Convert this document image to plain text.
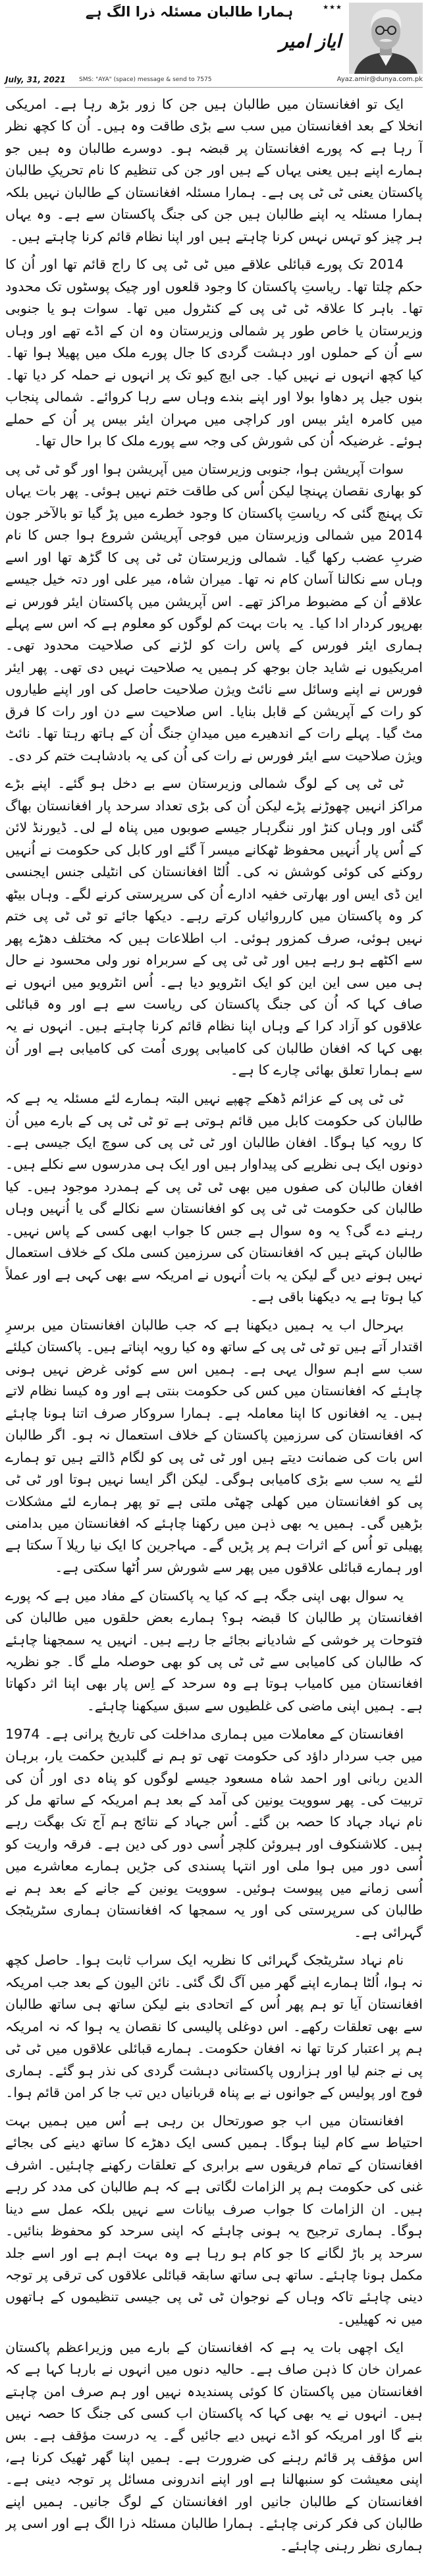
ہمارا طالبان مسئلہ ذرا الگ ہے	★★★
ایاز امیر
July, 31, 2021 SMS: "AYA" (space) message & send to 7575	Ayaz.amir@dunya.com.pk

ایک تو افغانستان میں طالبان ہیں جن کا زور بڑھ رہا ہے۔ امریکی انخلا کے بعد افغانستان میں سب سے بڑی طاقت وہ ہیں۔ اُن کا کچھ نظر آ رہا ہے کہ پورے افغانستان پر قبضہ ہو۔ دوسرے طالبان وہ ہیں جو ہمارے اپنے ہیں یعنی یہاں کے ہیں اور جن کی تنظیم کا نام تحریکِ طالبان پاکستان یعنی ٹی ٹی پی ہے۔ ہمارا مسئلہ افغانستان کے طالبان نہیں بلکہ ہمارا مسئلہ یہ اپنے طالبان ہیں جن کی جنگ پاکستان سے ہے۔ وہ یہاں ہر چیز کو تہس نہس کرنا چاہتے ہیں اور اپنا نظام قائم کرنا چاہتے ہیں۔

2014 تک پورے قبائلی علاقے میں ٹی ٹی پی کا راج قائم تھا اور اُن کا حکم چلتا تھا۔ ریاستِ پاکستان کا وجود قلعوں اور چیک پوسٹوں تک محدود تھا۔ باہر کا علاقہ ٹی ٹی پی کے کنٹرول میں تھا۔ سوات ہو یا جنوبی وزیرستان یا خاص طور پر شمالی وزیرستان وہ ان کے اڈے تھے اور وہاں سے اُن کے حملوں اور دہشت گردی کا جال پورے ملک میں پھیلا ہوا تھا۔ کیا کچھ انہوں نے نہیں کیا۔ جی ایچ کیو تک پر انہوں نے حملہ کر دیا تھا۔ بنوں جیل پر دھاوا بولا اور اپنے بندے وہاں سے رہا کروائے۔ شمالی پنجاب میں کامرہ ایئر بیس اور کراچی میں مہران ایئر بیس پر اُن کے حملے ہوئے۔ غرضیکہ اُن کی شورش کی وجہ سے پورے ملک کا برا حال تھا۔

سوات آپریشن ہوا، جنوبی وزیرستان میں آپریشن ہوا اور گو ٹی ٹی پی کو بھاری نقصان پہنچا لیکن اُس کی طاقت ختم نہیں ہوئی۔ پھر بات یہاں تک پہنچ گئی کہ ریاستِ پاکستان کا وجود خطرے میں پڑ گیا تو بالآخر جون 2014 میں شمالی وزیرستان میں فوجی آپریشن شروع ہوا جس کا نام ضربِ عضب رکھا گیا۔ شمالی وزیرستان ٹی ٹی پی کا گڑھ تھا اور اسے وہاں سے نکالنا آسان کام نہ تھا۔ میران شاہ، میر علی اور دتہ خیل جیسے علاقے اُن کے مضبوط مراکز تھے۔ اس آپریشن میں پاکستان ایئر فورس نے بھرپور کردار ادا کیا۔ یہ بات بہت کم لوگوں کو معلوم ہے کہ اس سے پہلے ہماری ایئر فورس کے پاس رات کو لڑنے کی صلاحیت محدود تھی۔ امریکیوں نے شاید جان بوجھ کر ہمیں یہ صلاحیت نہیں دی تھی۔ پھر ایئر فورس نے اپنے وسائل سے نائٹ ویژن صلاحیت حاصل کی اور اپنے طیاروں کو رات کے آپریشن کے قابل بنایا۔ اس صلاحیت سے دن اور رات کا فرق مٹ گیا۔ پہلے رات کے اندھیرے میں میدانِ جنگ اُن کے ہاتھ رہتا تھا۔ نائٹ ویژن صلاحیت سے ایئر فورس نے رات کی اُن کی یہ بادشاہت ختم کر دی۔

ٹی ٹی پی کے لوگ شمالی وزیرستان سے بے دخل ہو گئے۔ اپنے بڑے مراکز انہیں چھوڑنے پڑے لیکن اُن کی بڑی تعداد سرحد پار افغانستان بھاگ گئی اور وہاں کنڑ اور ننگرہار جیسے صوبوں میں پناہ لے لی۔ ڈیورنڈ لائن کے اُس پار اُنہیں محفوظ ٹھکانے میسر آ گئے اور کابل کی حکومت نے اُنہیں روکنے کی کوئی کوشش نہ کی۔ اُلٹا افغانستان کی انٹیلی جنس ایجنسی این ڈی ایس اور بھارتی خفیہ ادارے اُن کی سرپرستی کرنے لگے۔ وہاں بیٹھ کر وہ پاکستان میں کارروائیاں کرتے رہے۔ دیکھا جائے تو ٹی ٹی پی ختم نہیں ہوئی، صرف کمزور ہوئی۔ اب اطلاعات ہیں کہ مختلف دھڑے پھر سے اکٹھے ہو رہے ہیں اور ٹی ٹی پی کے سربراہ نور ولی محسود نے حال ہی میں سی این این کو ایک انٹرویو دیا ہے۔ اُس انٹرویو میں انہوں نے صاف کہا کہ اُن کی جنگ پاکستان کی ریاست سے ہے اور وہ قبائلی علاقوں کو آزاد کرا کے وہاں اپنا نظام قائم کرنا چاہتے ہیں۔ انہوں نے یہ بھی کہا کہ افغان طالبان کی کامیابی پوری اُمت کی کامیابی ہے اور اُن سے ہمارا تعلق بھائی چارے کا ہے۔

ٹی ٹی پی کے عزائم ڈھکے چھپے نہیں البتہ ہمارے لئے مسئلہ یہ ہے کہ طالبان کی حکومت کابل میں قائم ہوتی ہے تو ٹی ٹی پی کے بارے میں اُن کا رویہ کیا ہوگا۔ افغان طالبان اور ٹی ٹی پی کی سوچ ایک جیسی ہے۔ دونوں ایک ہی نظریے کی پیداوار ہیں اور ایک ہی مدرسوں سے نکلے ہیں۔ افغان طالبان کی صفوں میں بھی ٹی ٹی پی کے ہمدرد موجود ہیں۔ کیا طالبان کی حکومت ٹی ٹی پی کو افغانستان سے نکالے گی یا اُنہیں وہاں رہنے دے گی؟ یہ وہ سوال ہے جس کا جواب ابھی کسی کے پاس نہیں۔ طالبان کہتے ہیں کہ افغانستان کی سرزمین کسی ملک کے خلاف استعمال نہیں ہونے دیں گے لیکن یہ بات اُنہوں نے امریکہ سے بھی کہی ہے اور عملاً کیا ہوتا ہے یہ دیکھنا باقی ہے۔

بہرحال اب یہ ہمیں دیکھنا ہے کہ جب طالبان افغانستان میں برسرِ اقتدار آتے ہیں تو ٹی ٹی پی کے ساتھ وہ کیا رویہ اپناتے ہیں۔ پاکستان کیلئے سب سے اہم سوال یہی ہے۔ ہمیں اس سے کوئی غرض نہیں ہونی چاہئے کہ افغانستان میں کس کی حکومت بنتی ہے اور وہ کیسا نظام لاتے ہیں۔ یہ افغانوں کا اپنا معاملہ ہے۔ ہمارا سروکار صرف اتنا ہونا چاہئے کہ افغانستان کی سرزمین پاکستان کے خلاف استعمال نہ ہو۔ اگر طالبان اس بات کی ضمانت دیتے ہیں اور ٹی ٹی پی کو لگام ڈالتے ہیں تو ہمارے لئے یہ سب سے بڑی کامیابی ہوگی۔ لیکن اگر ایسا نہیں ہوتا اور ٹی ٹی پی کو افغانستان میں کھلی چھٹی ملتی ہے تو پھر ہمارے لئے مشکلات بڑھیں گی۔ ہمیں یہ بھی ذہن میں رکھنا چاہئے کہ افغانستان میں بدامنی پھیلی تو اُس کے اثرات ہم پر پڑیں گے۔ مہاجرین کا ایک نیا ریلا آ سکتا ہے اور ہمارے قبائلی علاقوں میں پھر سے شورش سر اُٹھا سکتی ہے۔

یہ سوال بھی اپنی جگہ ہے کہ کیا یہ پاکستان کے مفاد میں ہے کہ پورے افغانستان پر طالبان کا قبضہ ہو؟ ہمارے بعض حلقوں میں طالبان کی فتوحات پر خوشی کے شادیانے بجائے جا رہے ہیں۔ انہیں یہ سمجھنا چاہئے کہ طالبان کی کامیابی سے ٹی ٹی پی کو بھی حوصلہ ملے گا۔ جو نظریہ افغانستان میں کامیاب ہوتا ہے وہ سرحد کے اِس پار بھی اپنا اثر دکھاتا ہے۔ ہمیں اپنی ماضی کی غلطیوں سے سبق سیکھنا چاہئے۔

افغانستان کے معاملات میں ہماری مداخلت کی تاریخ پرانی ہے۔ 1974 میں جب سردار داؤد کی حکومت تھی تو ہم نے گلبدین حکمت یار، برہان الدین ربانی اور احمد شاہ مسعود جیسے لوگوں کو پناہ دی اور اُن کی تربیت کی۔ پھر سوویت یونین کی آمد کے بعد ہم امریکہ کے ساتھ مل کر نام نہاد جہاد کا حصہ بن گئے۔ اُس جہاد کے نتائج ہم آج تک بھگت رہے ہیں۔ کلاشنکوف اور ہیروئن کلچر اُسی دور کی دین ہے۔ فرقہ واریت کو اُسی دور میں ہوا ملی اور انتہا پسندی کی جڑیں ہمارے معاشرے میں اُسی زمانے میں پیوست ہوئیں۔ سوویت یونین کے جانے کے بعد ہم نے طالبان کی سرپرستی کی اور یہ سمجھا کہ افغانستان ہماری سٹریٹجک گہرائی ہے۔

نام نہاد سٹریٹجک گہرائی کا نظریہ ایک سراب ثابت ہوا۔ حاصل کچھ نہ ہوا، اُلٹا ہمارے اپنے گھر میں آگ لگ گئی۔ نائن الیون کے بعد جب امریکہ افغانستان آیا تو ہم پھر اُس کے اتحادی بنے لیکن ساتھ ہی ساتھ طالبان سے بھی تعلقات رکھے۔ اس دوغلی پالیسی کا نقصان یہ ہوا کہ نہ امریکہ ہم پر اعتبار کرتا تھا نہ افغان حکومت۔ ہمارے قبائلی علاقوں میں ٹی ٹی پی نے جنم لیا اور ہزاروں پاکستانی دہشت گردی کی نذر ہو گئے۔ ہماری فوج اور پولیس کے جوانوں نے بے پناہ قربانیاں دیں تب جا کر امن قائم ہوا۔

افغانستان میں اب جو صورتحال بن رہی ہے اُس میں ہمیں بہت احتیاط سے کام لینا ہوگا۔ ہمیں کسی ایک دھڑے کا ساتھ دینے کی بجائے افغانستان کے تمام فریقوں سے برابری کے تعلقات رکھنے چاہئیں۔ اشرف غنی کی حکومت ہم پر الزامات لگاتی ہے کہ ہم طالبان کی مدد کر رہے ہیں۔ ان الزامات کا جواب صرف بیانات سے نہیں بلکہ عمل سے دینا ہوگا۔ ہماری ترجیح یہ ہونی چاہئے کہ اپنی سرحد کو محفوظ بنائیں۔ سرحد پر باڑ لگانے کا جو کام ہو رہا ہے وہ بہت اہم ہے اور اسے جلد مکمل ہونا چاہئے۔ ساتھ ہی ساتھ سابقہ قبائلی علاقوں کی ترقی پر توجہ دینی چاہئے تاکہ وہاں کے نوجوان ٹی ٹی پی جیسی تنظیموں کے ہاتھوں میں نہ کھیلیں۔

ایک اچھی بات یہ ہے کہ افغانستان کے بارے میں وزیراعظم پاکستان عمران خان کا ذہن صاف ہے۔ حالیہ دنوں میں انہوں نے بارہا کہا ہے کہ افغانستان میں پاکستان کا کوئی پسندیدہ نہیں اور ہم صرف امن چاہتے ہیں۔ انہوں نے یہ بھی کہا کہ پاکستان اب کسی کی جنگ کا حصہ نہیں بنے گا اور امریکہ کو اڈے نہیں دیے جائیں گے۔ یہ درست مؤقف ہے۔ بس اس مؤقف پر قائم رہنے کی ضرورت ہے۔ ہمیں اپنا گھر ٹھیک کرنا ہے، اپنی معیشت کو سنبھالنا ہے اور اپنے اندرونی مسائل پر توجہ دینی ہے۔ افغانستان کے طالبان جانیں اور افغانستان کے لوگ جانیں۔ ہمیں اپنے طالبان کی فکر کرنی چاہئے۔ ہمارا طالبان مسئلہ ذرا الگ ہے اور اسی پر ہماری نظر رہنی چاہئے۔
